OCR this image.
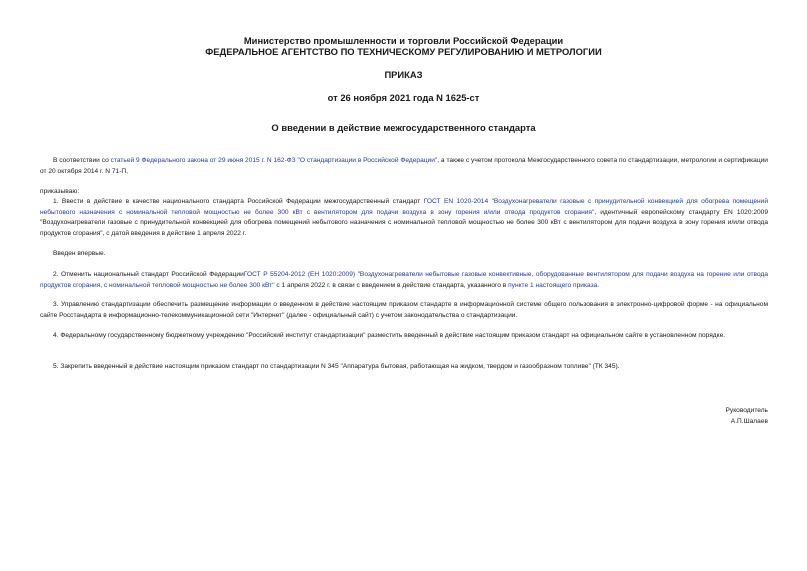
Министерство промышленности и торговли Российской Федерации
ФЕДЕРАЛЬНОЕ АГЕНТСТВО ПО ТЕХНИЧЕСКОМУ РЕГУЛИРОВАНИЮ И МЕТРОЛОГИИ
ПРИКАЗ
от 26 ноября 2021 года N 1625-ст
О введении в действие межгосударственного стандарта
В соответствии со статьей 9 Федерального закона от 29 июня 2015 г. N 162-ФЗ "О стандартизации в Российской Федерации", а также с учетом протокола Межгосударственного совета по стандартизации, метрологии и сертификации от 20 октября 2014 г. N 71-П,
приказываю:
1. Ввести в действие в качестве национального стандарта Российской Федерации межгосударственный стандарт ГОСТ EN 1020-2014 "Воздухонагреватели газовые с принудительной конвекцией для обогрева помещений небытового назначения с номинальной тепловой мощностью не более 300 кВт с вентилятором для подачи воздуха в зону горения и/или отвода продуктов сгорания", идентичный европейскому стандарту EN 1020:2009 "Воздухонагреватели газовые с принудительной конвекцией для обогрева помещений небытового назначения с номинальной тепловой мощностью не более 300 кВт с вентилятором для подачи воздуха в зону горения и/или отвода продуктов сгорания", с датой введения в действие 1 апреля 2022 г.
Введен впервые.
2. Отменить национальный стандарт Российской ФедерацииГОСТ Р 55204-2012 (ЕН 1020:2009) "Воздухонагреватели небытовые газовые конвективные, оборудованные вентилятором для подачи воздуха на горение или отвода продуктов сгорания, с номинальной тепловой мощностью не более 300 кВт" с 1 апреля 2022 г. в связи с введением в действие стандарта, указанного в пункте 1 настоящего приказа.
3. Управлению стандартизации обеспечить размещение информации о введенном в действие настоящим приказом стандарте в информационной системе общего пользования в электронно-цифровой форме - на официальном сайте Росстандарта в информационно-телекоммуникационной сети "Интернет" (далее - официальный сайт) с учетом законодательства о стандартизации.
4. Федеральному государственному бюджетному учреждению "Российский институт стандартизации" разместить введенный в действие настоящим приказом стандарт на официальном сайте в установленном порядке.
5. Закрепить введенный в действие настоящим приказом стандарт по стандартизации N 345 "Аппаратура бытовая, работающая на жидком, твердом и газообразном топливе" (ТК 345).
Руководитель
А.П.Шалаев
